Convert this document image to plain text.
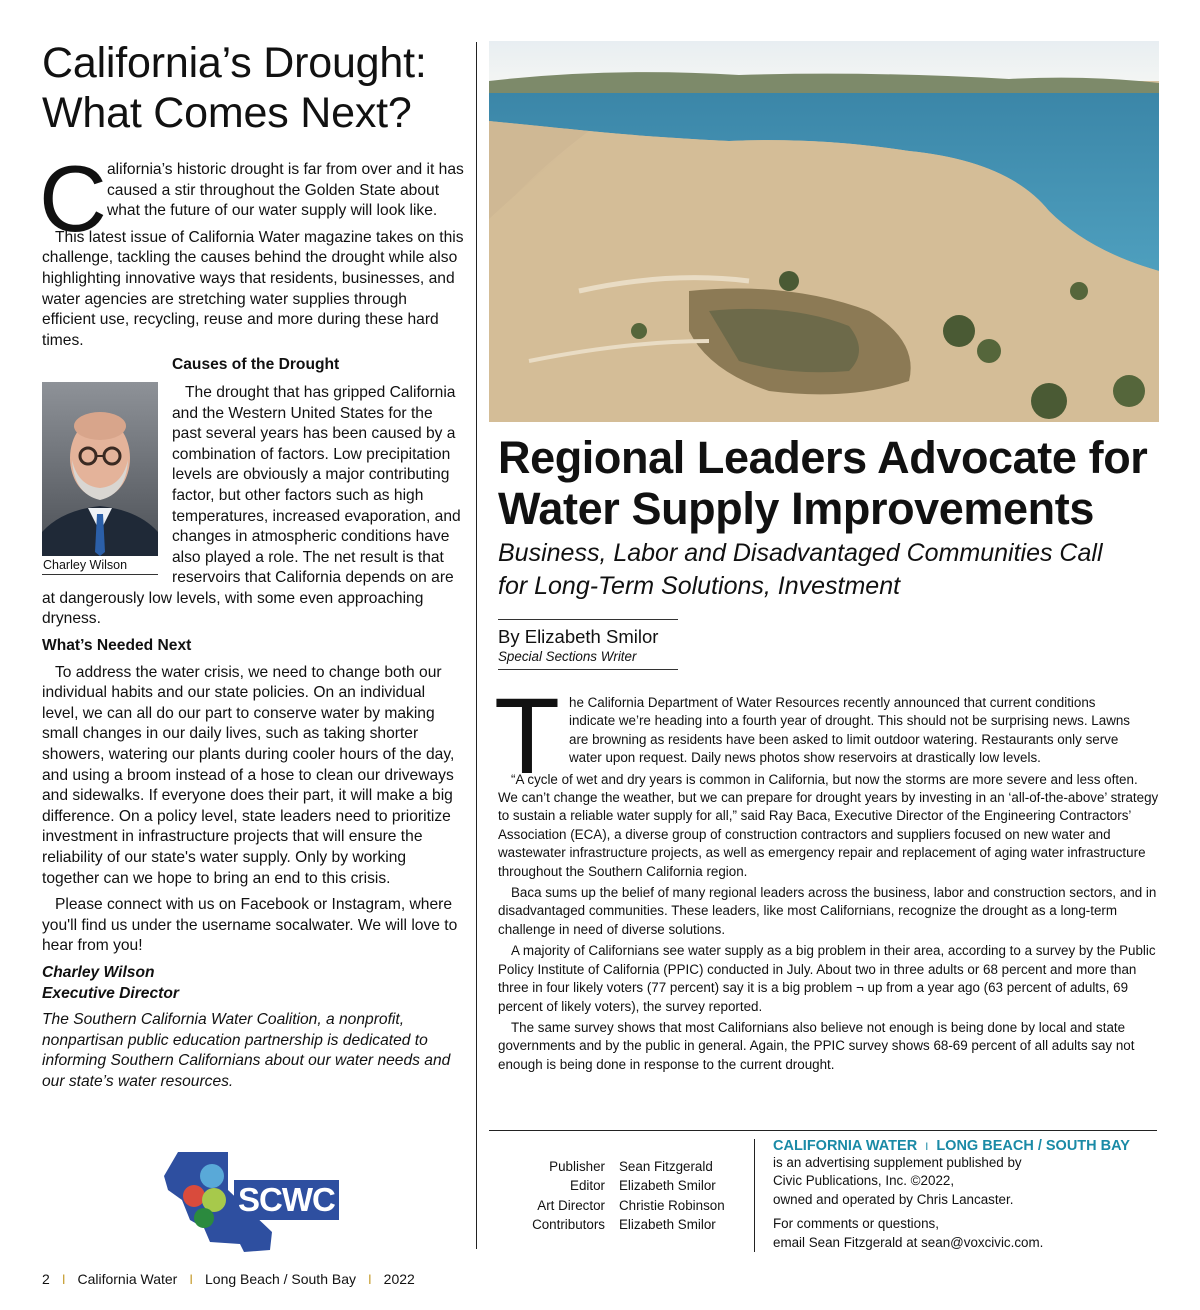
California’s Drought:
What Comes Next?
C alifornia’s historic drought is far from over and it has caused a stir throughout the Golden State about what the future of our water supply will look like.

This latest issue of California Water magazine takes on this challenge, tackling the causes behind the drought while also highlighting innovative ways that residents, businesses, and water agencies are stretching water supplies through efficient use, recycling, reuse and more during these hard times.

Causes of the Drought

The drought that has gripped California and the Western United States for the past several years has been caused by a combination of factors. Low precipitation levels are obviously a major contributing factor, but other factors such as high temperatures, increased evaporation, and changes in atmospheric conditions have also played a role. The net result is that reservoirs that California depends on are at dangerously low levels, with some even approaching dryness.

What’s Needed Next

To address the water crisis, we need to change both our individual habits and our state policies. On an individual level, we can all do our part to conserve water by making small changes in our daily lives, such as taking shorter showers, watering our plants during cooler hours of the day, and using a broom instead of a hose to clean our driveways and sidewalks. If everyone does their part, it will make a big difference. On a policy level, state leaders need to prioritize investment in infrastructure projects that will ensure the reliability of our state's water supply. Only by working together can we hope to bring an end to this crisis.

Please connect with us on Facebook or Instagram, where you'll find us under the username socalwater. We will love to hear from you!

Charley Wilson

Executive Director

The Southern California Water Coalition, a nonprofit, nonpartisan public education partnership is dedicated to informing Southern Californians about our water needs and our state’s water resources.

Charley Wilson
SCWC
Regional Leaders Advocate for Water Supply Improvements

Business, Labor and Disadvantaged Communities Call for Long-Term Solutions, Investment

By Elizabeth Smilor
Special Sections Writer
T he California Department of Water Resources recently announced that current conditions indicate we’re heading into a fourth year of drought. This should not be surprising news. Lawns are browning as residents have been asked to limit outdoor watering. Restaurants only serve water upon request. Daily news photos show reservoirs at drastically low levels.

“A cycle of wet and dry years is common in California, but now the storms are more severe and less often. We can’t change the weather, but we can prepare for drought years by investing in an ‘all-of-the-above’ strategy to sustain a reliable water supply for all,” said Ray Baca, Executive Director of the Engineering Contractors’ Association (ECA), a diverse group of construction contractors and suppliers focused on new water and wastewater infrastructure projects, as well as emergency repair and replacement of aging water infrastructure throughout the Southern California region.

Baca sums up the belief of many regional leaders across the business, labor and construction sectors, and in disadvantaged communities. These leaders, like most Californians, recognize the drought as a long-term challenge in need of diverse solutions.

A majority of Californians see water supply as a big problem in their area, according to a survey by the Public Policy Institute of California (PPIC) conducted in July. About two in three adults or 68 percent and more than three in four likely voters (77 percent) say it is a big problem ¬ up from a year ago (63 percent of adults, 69 percent of likely voters), the survey reported.

The same survey shows that most Californians also believe not enough is being done by local and state governments and by the public in general. Again, the PPIC survey shows 68-69 percent of all adults say not enough is being done in response to the current drought.

Publisher	Sean Fitzgerald
Editor	Elizabeth Smilor
Art Director	Christie Robinson
Contributors	Elizabeth Smilor
CALIFORNIA WATER I LONG BEACH / SOUTH BAY

is an advertising supplement published by

Civic Publications, Inc. ©2022,

owned and operated by Chris Lancaster.

For comments or questions,

email Sean Fitzgerald at sean@voxcivic.com.

2 I California Water I Long Beach / South Bay I 2022
